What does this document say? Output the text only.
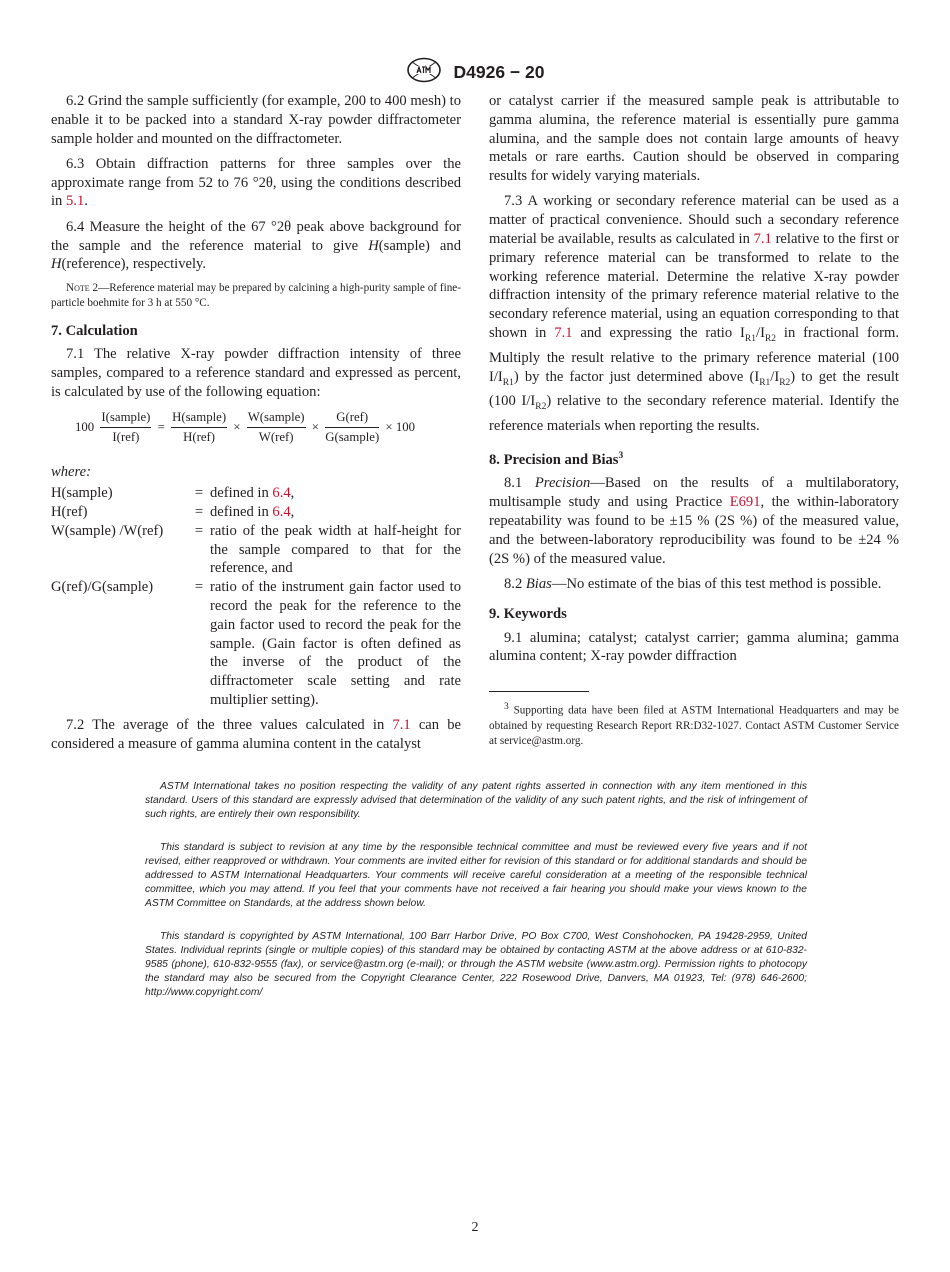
D4926 − 20

6.2 Grind the sample sufficiently (for example, 200 to 400 mesh) to enable it to be packed into a standard X-ray powder diffractometer sample holder and mounted on the diffractometer.

6.3 Obtain diffraction patterns for three samples over the approximate range from 52 to 76 °2θ, using the conditions described in 5.1.

6.4 Measure the height of the 67 °2θ peak above background for the sample and the reference material to give H(sample) and H(reference), respectively.

Note 2—Reference material may be prepared by calcining a high-purity sample of fine-particle boehmite for 3 h at 550 °C.
7. Calculation

7.1 The relative X-ray powder diffraction intensity of three samples, compared to a reference standard and expressed as percent, is calculated by use of the following equation:

$100 \frac{\text{I(sample)}}{\text{I(ref)}} = \frac{\text{H(sample)}}{\text{H(ref)}} \times \frac{\text{W(sample)}}{\text{W(ref)}} \times \frac{\text{G(ref)}}{\text{G(sample)}} \times 100$
where:
H(sample)	=	defined in 6.4,
H(ref)	=	defined in 6.4,
W(sample) /W(ref)	=	ratio of the peak width at half-height for the sample compared to that for the reference, and
G(ref)/G(sample)	=	ratio of the instrument gain factor used to record the peak for the reference to the gain factor used to record the peak for the sample. (Gain factor is often defined as the inverse of the product of the diffractometer scale setting and rate multiplier setting).

7.2 The average of the three values calculated in 7.1 can be considered a measure of gamma alumina content in the catalyst

or catalyst carrier if the measured sample peak is attributable to gamma alumina, the reference material is essentially pure gamma alumina, and the sample does not contain large amounts of heavy metals or rare earths. Caution should be observed in comparing results for widely varying materials.

7.3 A working or secondary reference material can be used as a matter of practical convenience. Should such a secondary reference material be available, results as calculated in 7.1 relative to the first or primary reference material can be transformed to relate to the working reference material. Determine the relative X-ray powder diffraction intensity of the primary reference material relative to the secondary reference material, using an equation corresponding to that shown in 7.1 and expressing the ratio $I_{R1}/I_{R2}$ in fractional form. Multiply the result relative to the primary reference material (100 $I/I_{R1}$) by the factor just determined above $(I_{R1}/I_{R2})$ to get the result (100 $I/I_{R2}$) relative to the secondary reference material. Identify the reference materials when reporting the results.

8. Precision and Bias$^3$

8.1 Precision—Based on the results of a multilaboratory, multisample study and using Practice E691, the within-laboratory repeatability was found to be ±15 % (2S %) of the measured value, and the between-laboratory reproducibility was found to be ±24 % (2S %) of the measured value.

8.2 Bias—No estimate of the bias of this test method is possible.

9. Keywords

9.1 alumina; catalyst; catalyst carrier; gamma alumina; gamma alumina content; X-ray powder diffraction

$^3$ Supporting data have been filed at ASTM International Headquarters and may be obtained by requesting Research Report RR:D32-1027. Contact ASTM Customer Service at service@astm.org.

ASTM International takes no position respecting the validity of any patent rights asserted in connection with any item mentioned in this standard. Users of this standard are expressly advised that determination of the validity of any such patent rights, and the risk of infringement of such rights, are entirely their own responsibility.

This standard is subject to revision at any time by the responsible technical committee and must be reviewed every five years and if not revised, either reapproved or withdrawn. Your comments are invited either for revision of this standard or for additional standards and should be addressed to ASTM International Headquarters. Your comments will receive careful consideration at a meeting of the responsible technical committee, which you may attend. If you feel that your comments have not received a fair hearing you should make your views known to the ASTM Committee on Standards, at the address shown below.

This standard is copyrighted by ASTM International, 100 Barr Harbor Drive, PO Box C700, West Conshohocken, PA 19428-2959, United States. Individual reprints (single or multiple copies) of this standard may be obtained by contacting ASTM at the above address or at 610-832-9585 (phone), 610-832-9555 (fax), or service@astm.org (e-mail); or through the ASTM website (www.astm.org). Permission rights to photocopy the standard may also be secured from the Copyright Clearance Center, 222 Rosewood Drive, Danvers, MA 01923, Tel: (978) 646-2600; http://www.copyright.com/

2
